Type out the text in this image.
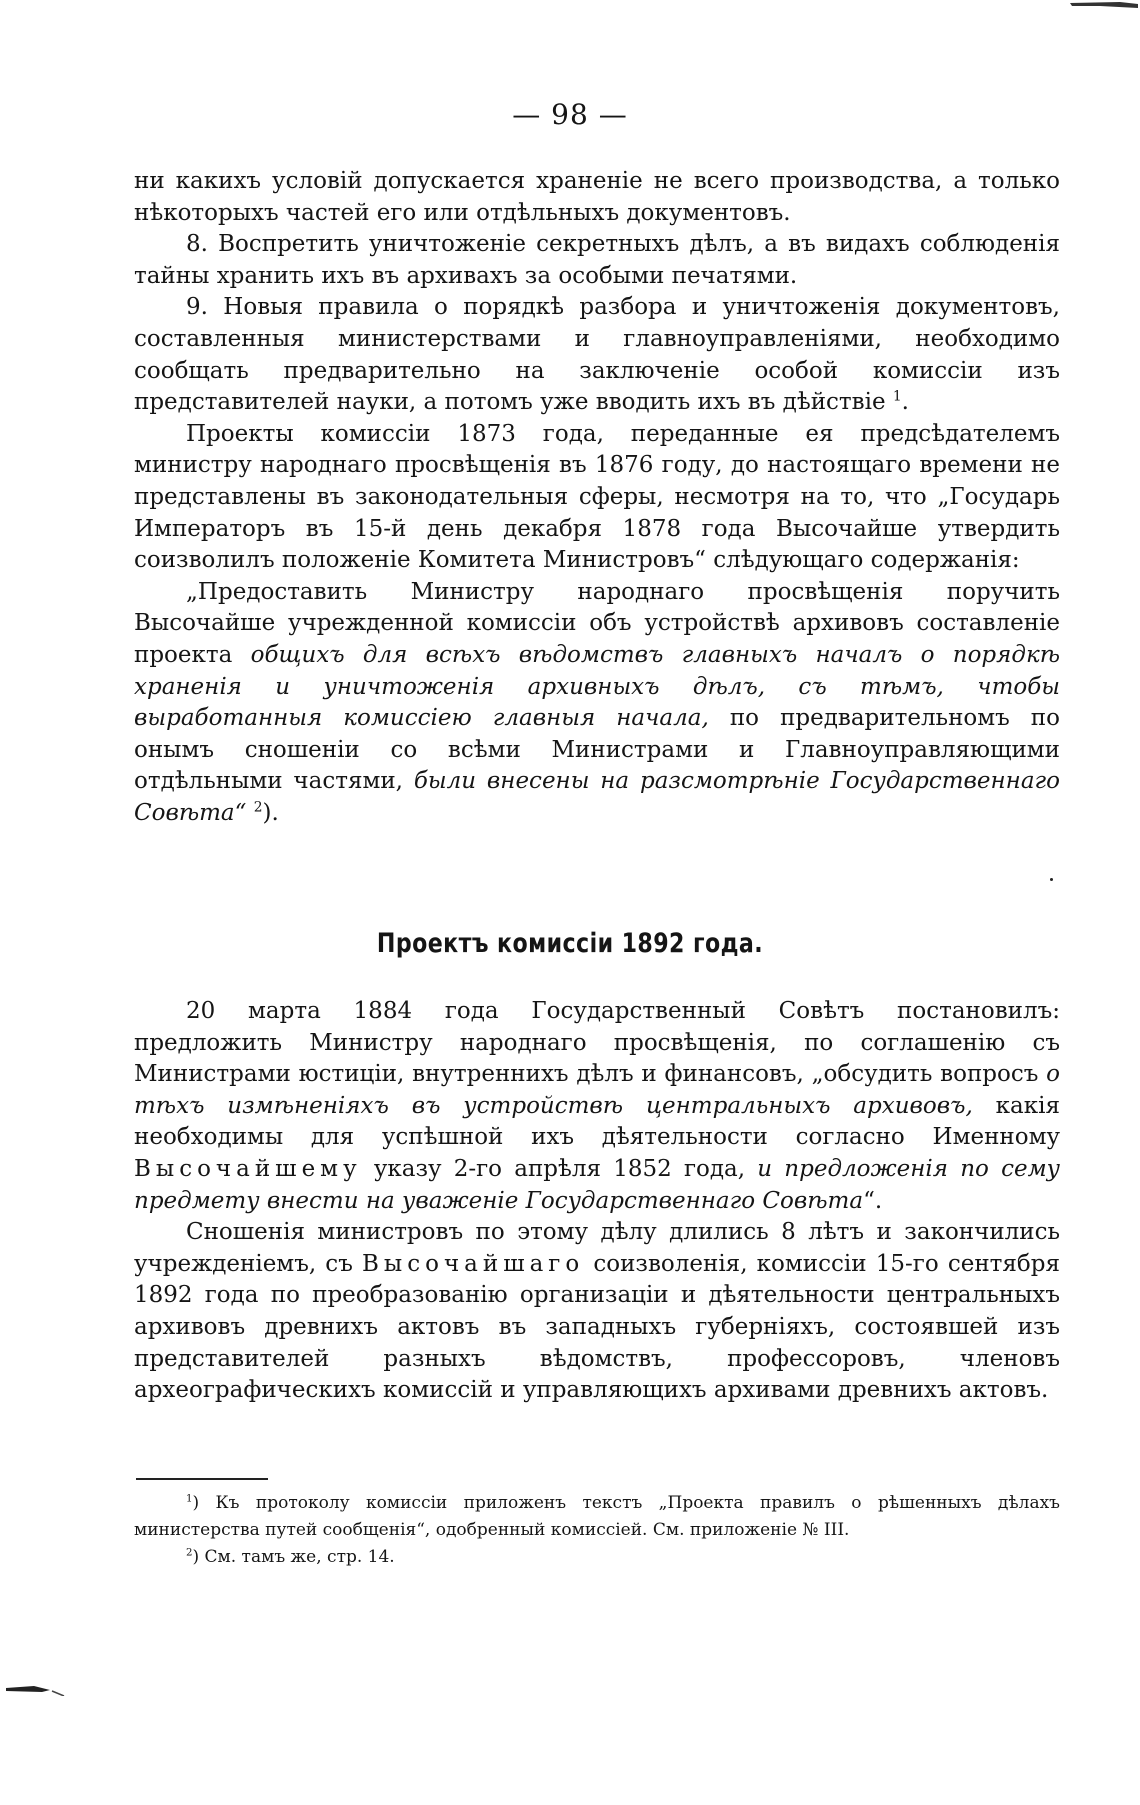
— 98 —

ни какихъ условій допускается храненіе не всего производства, а только нѣкоторыхъ частей его или отдѣльныхъ документовъ.

8. Воспретить уничтоженіе секретныхъ дѣлъ, а въ видахъ соблюденія тайны хранить ихъ въ архивахъ за особыми печатями.

9. Новыя правила о порядкѣ разбора и уничтоженія документовъ, составленныя министерствами и главноуправленіями, необходимо сообщать предварительно на заключеніе особой комиссіи изъ представителей науки, а потомъ уже вводить ихъ въ дѣйствіе $^1$.

Проекты комиссіи 1873 года, переданные ея предсѣдателемъ министру народнаго просвѣщенія въ 1876 году, до настоящаго времени не представлены въ законодательныя сферы, несмотря на то, что „Государь Императоръ въ 15-й день декабря 1878 года Высочайше утвердить соизволилъ положеніе Комитета Министровъ“ слѣдующаго содержанія:

„Предоставить Министру народнаго просвѣщенія поручить Высочайше учрежденной комиссіи объ устройствѣ архивовъ составленіе проекта общихъ для всѣхъ вѣдомствъ главныхъ началъ о порядкѣ храненія и уничтоженія архивныхъ дѣлъ, съ тѣмъ, чтобы выработанныя комиссіею главныя начала, по предварительномъ по онымъ сношеніи со всѣми Министрами и Главноуправляющими отдѣльными частями, были внесены на разсмотрѣніе Государственнаго Совѣта“ $^2$).

Проектъ комиссіи 1892 года.

20 марта 1884 года Государственный Совѣтъ постановилъ: предложить Министру народнаго просвѣщенія, по соглашенію съ Министрами юстиціи, внутреннихъ дѣлъ и финансовъ, „обсудить вопросъ о тѣхъ измѣненіяхъ въ устройствѣ центральныхъ архивовъ, какія необходимы для успѣшной ихъ дѣятельности согласно Именному Высочайшему указу 2-го апрѣля 1852 года, и предложенія по сему предмету внести на уваженіе Государственнаго Совѣта“.

Сношенія министровъ по этому дѣлу длились 8 лѣтъ и закончились учрежденіемъ, съ Высочайшаго соизволенія, комиссіи 15-го сентября 1892 года по преобразованію организаціи и дѣятельности центральныхъ архивовъ древнихъ актовъ въ западныхъ губерніяхъ, состоявшей изъ представителей разныхъ вѣдомствъ, профессоровъ, членовъ археографическихъ комиссій и управляющихъ архивами древнихъ актовъ.

$^1$) Къ протоколу комиссіи приложенъ текстъ „Проекта правилъ о рѣшенныхъ дѣлахъ министерства путей сообщенія“, одобренный комиссіей. См. приложеніе № III.

$^2$) См. тамъ же, стр. 14.
